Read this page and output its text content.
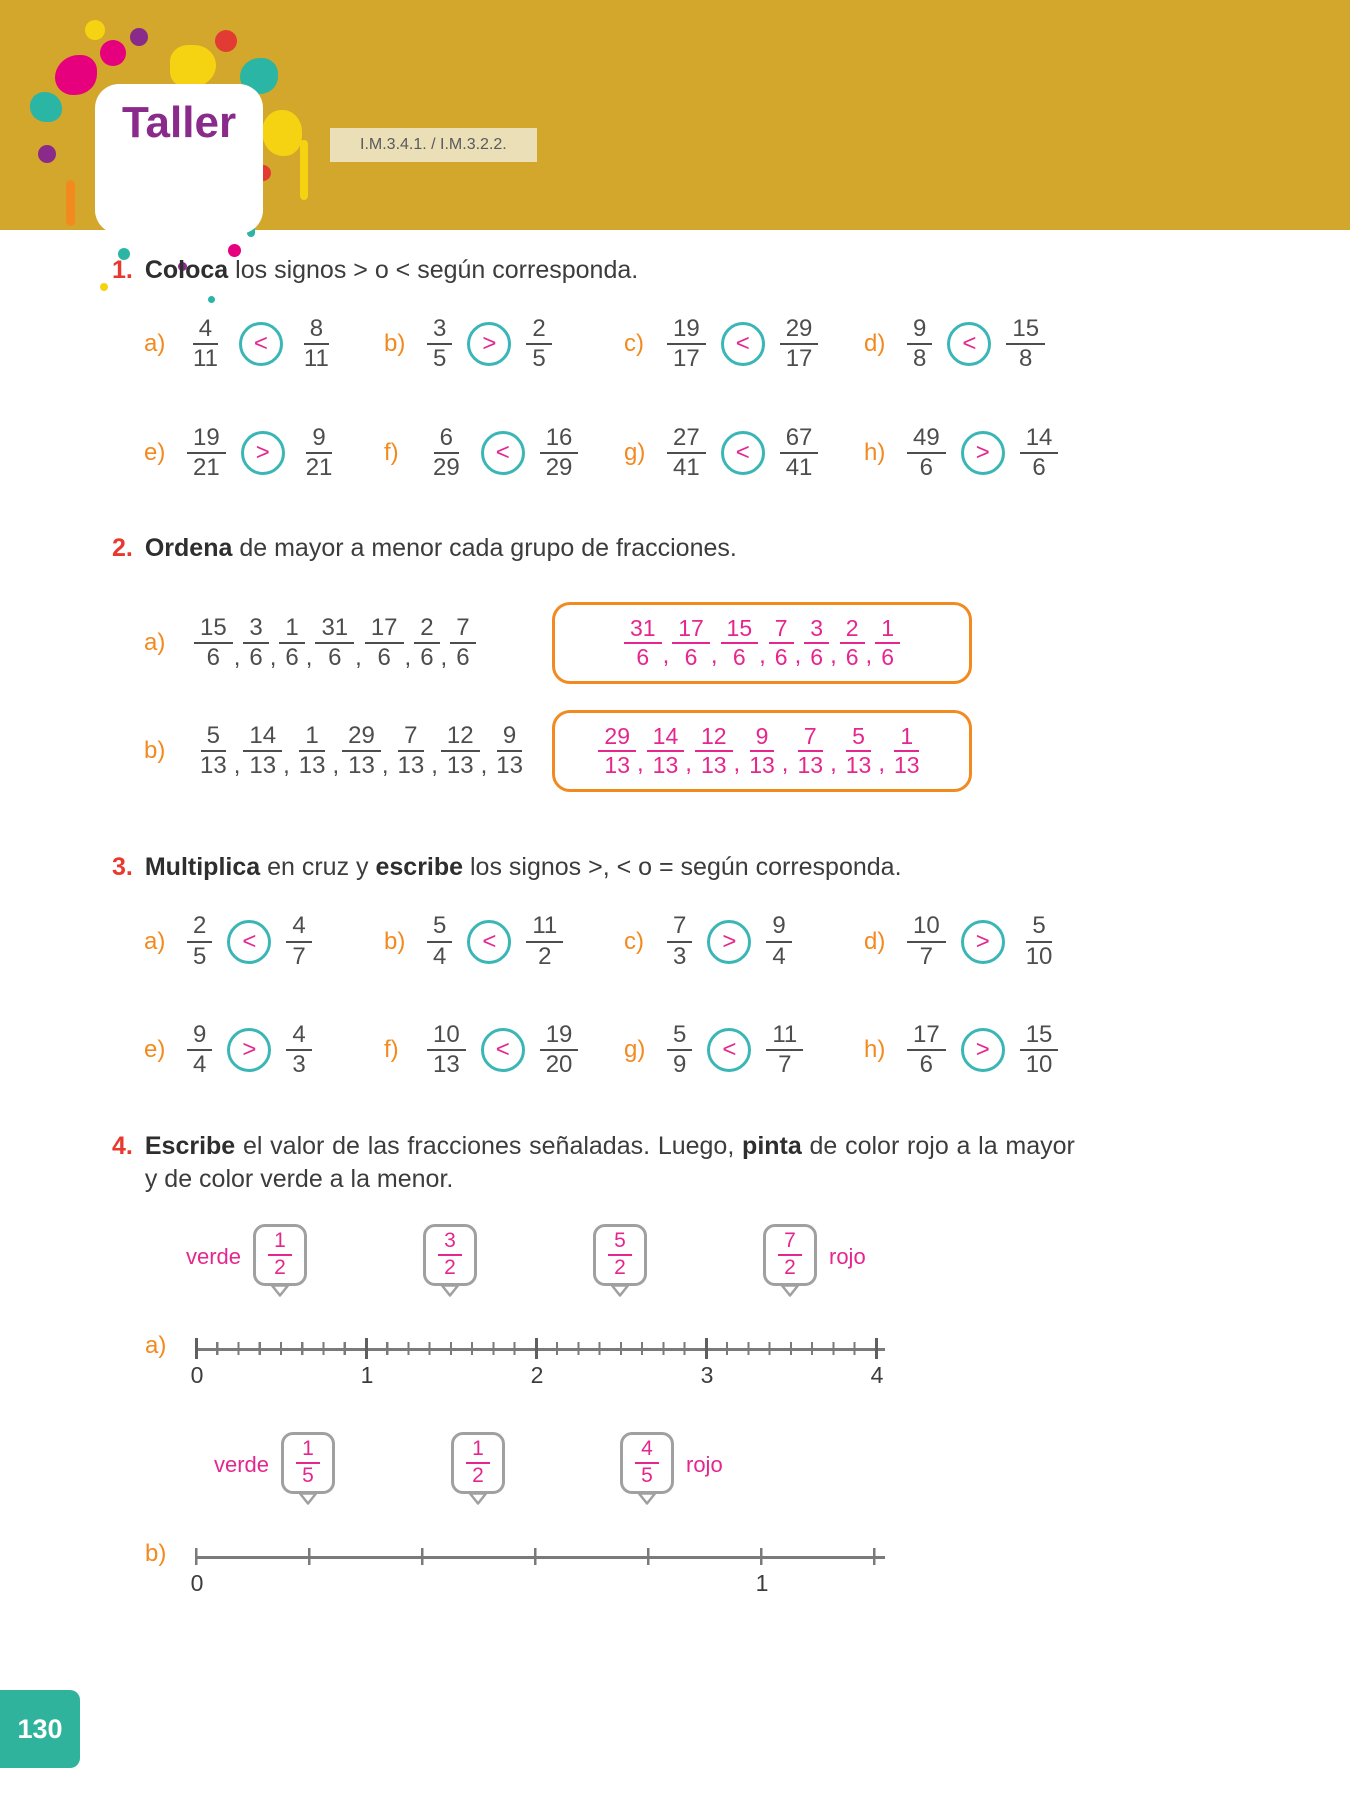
Taller	I.M.3.4.1. / I.M.3.2.2.
1. Coloca los signos > o < según corresponda.
$a) \frac{4}{11}$	<	$\frac{8}{11} b) \frac{3}{5}$	>	$\frac{2}{5}$	$c) \frac{19}{17}$	<	$\frac{29}{17} d) \frac{9}{8}$	<	$\frac{15}{8}$
$e) \frac{19}{21}$	>	$\frac{9}{21} f$)	$\frac{6}{29}$	<	$\frac{16}{29} g) \frac{27}{41}$	<	$\frac{67}{41} h) \frac{49}{6}$	>	$\frac{14}{6}$
2. Ordena de mayor a menor cada grupo de fracciones.
$a) \frac{15}{6}$ , $\frac{3}{6}$ , $\frac{1}{6}$ , $\frac{31}{6}$ , $\frac{17}{6}$ , $\frac{2}{6}$ , $\frac{7}{6}$	$\frac{31}{6}$ , $\frac{17}{6}$ , $\frac{15}{6}$ , $\frac{7}{6}$ , $\frac{3}{6}$ , $\frac{2}{6}$ , $\frac{1}{6}$
$b) \frac{5}{13}$ , $\frac{14}{13}$ , $\frac{1}{13}$ , $\frac{29}{13}$ , $\frac{7}{13}$ , $\frac{12}{13}$ , $\frac{9}{13}$	$\frac{29}{13}$ , $\frac{14}{13}$ , $\frac{12}{13}$ , $\frac{9}{13}$ , $\frac{7}{13}$ , $\frac{5}{13}$ , $\frac{1}{13}$
3. Multiplica en cruz y escribe los signos >, < o = según corresponda.
$a) \frac{2}{5}$	<	$\frac{4}{7}$	$b) \frac{5}{4}$	<	$\frac{11}{2}$	$c) \frac{7}{3}$	>	$\frac{9}{4}$	$d) \frac{10}{7}$	>	$\frac{5}{10}$
$e) \frac{9}{4}$	>	$\frac{4}{3}$	f)	$\frac{10}{13}$	<	$\frac{19}{20} g) \frac{5}{9}$	<	$\frac{11}{7}$	$h) \frac{17}{6}$	>	$\frac{15}{10}$
4. Escribe el valor de las fracciones señaladas. Luego, pinta de color rojo a la mayor y de color verde a la menor.
a)
verde	$\frac{1}{2}$	$\frac{3}{2}$	$\frac{5}{2}$	$\frac{7}{2}$ rojo
0	1	2	3	4
b)
verde	$\frac{1}{5}$	$\frac{1}{2}$	$\frac{4}{5}$ rojo
0	1
130
